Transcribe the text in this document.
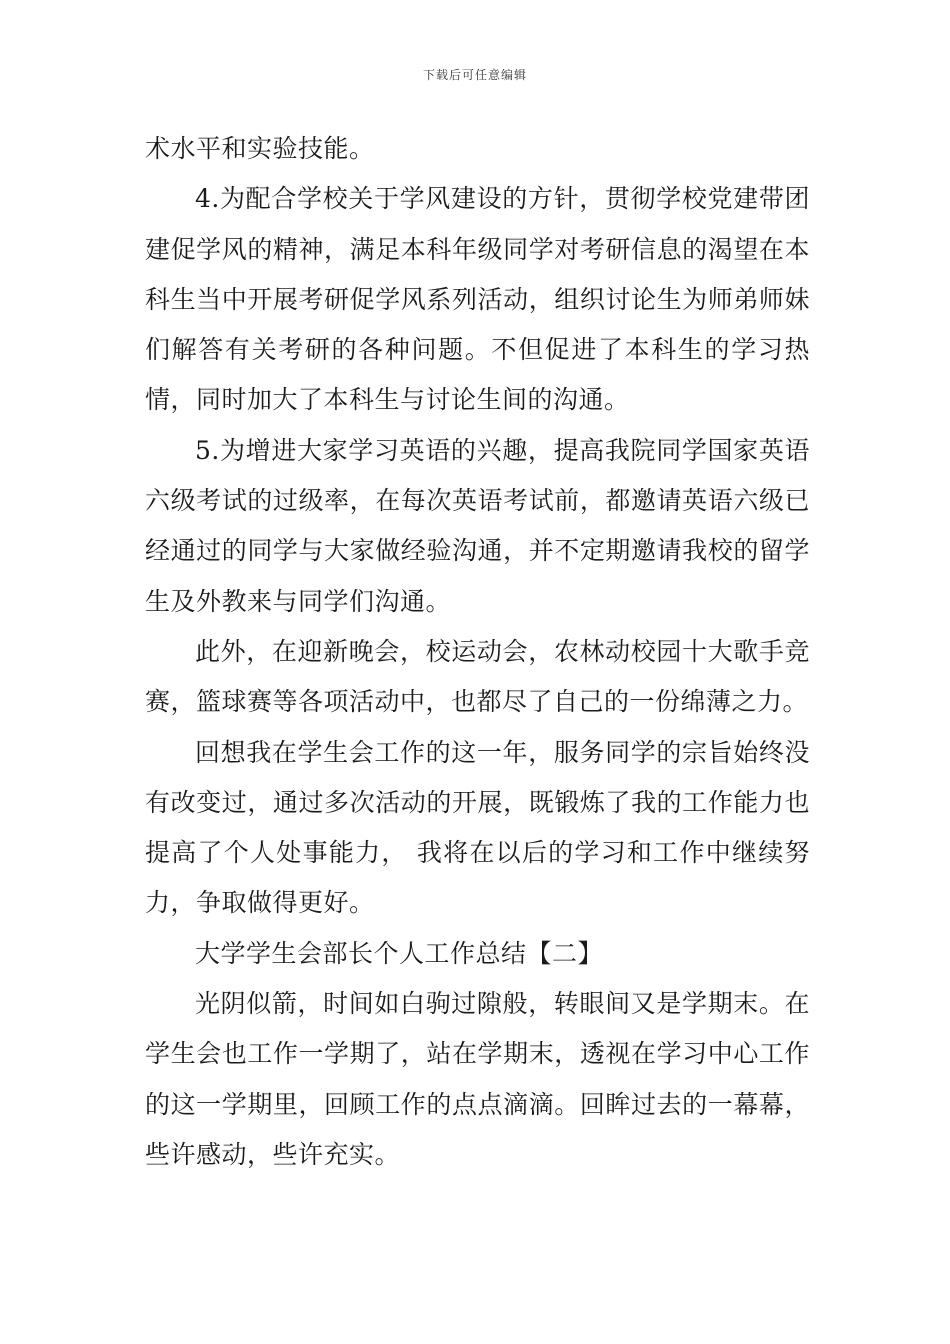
下载后可任意编辑

术水平和实验技能。

4.为配合学校关于学风建设的方针，贯彻学校党建带团建促学风的精神，满足本科年级同学对考研信息的渴望在本科生当中开展考研促学风系列活动，组织讨论生为师弟师妹们解答有关考研的各种问题。不但促进了本科生的学习热情，同时加大了本科生与讨论生间的沟通。

5.为增进大家学习英语的兴趣，提高我院同学国家英语六级考试的过级率，在每次英语考试前，都邀请英语六级已经通过的同学与大家做经验沟通，并不定期邀请我校的留学生及外教来与同学们沟通。

此外，在迎新晚会，校运动会，农林动校园十大歌手竞赛，篮球赛等各项活动中，也都尽了自己的一份绵薄之力。

回想我在学生会工作的这一年，服务同学的宗旨始终没有改变过，通过多次活动的开展，既锻炼了我的工作能力也提高了个人处事能力， 我将在以后的学习和工作中继续努力，争取做得更好。

大学学生会部长个人工作总结【二】

光阴似箭，时间如白驹过隙般，转眼间又是学期末。在学生会也工作一学期了，站在学期末，透视在学习中心工作的这一学期里，回顾工作的点点滴滴。回眸过去的一幕幕，些许感动，些许充实。
